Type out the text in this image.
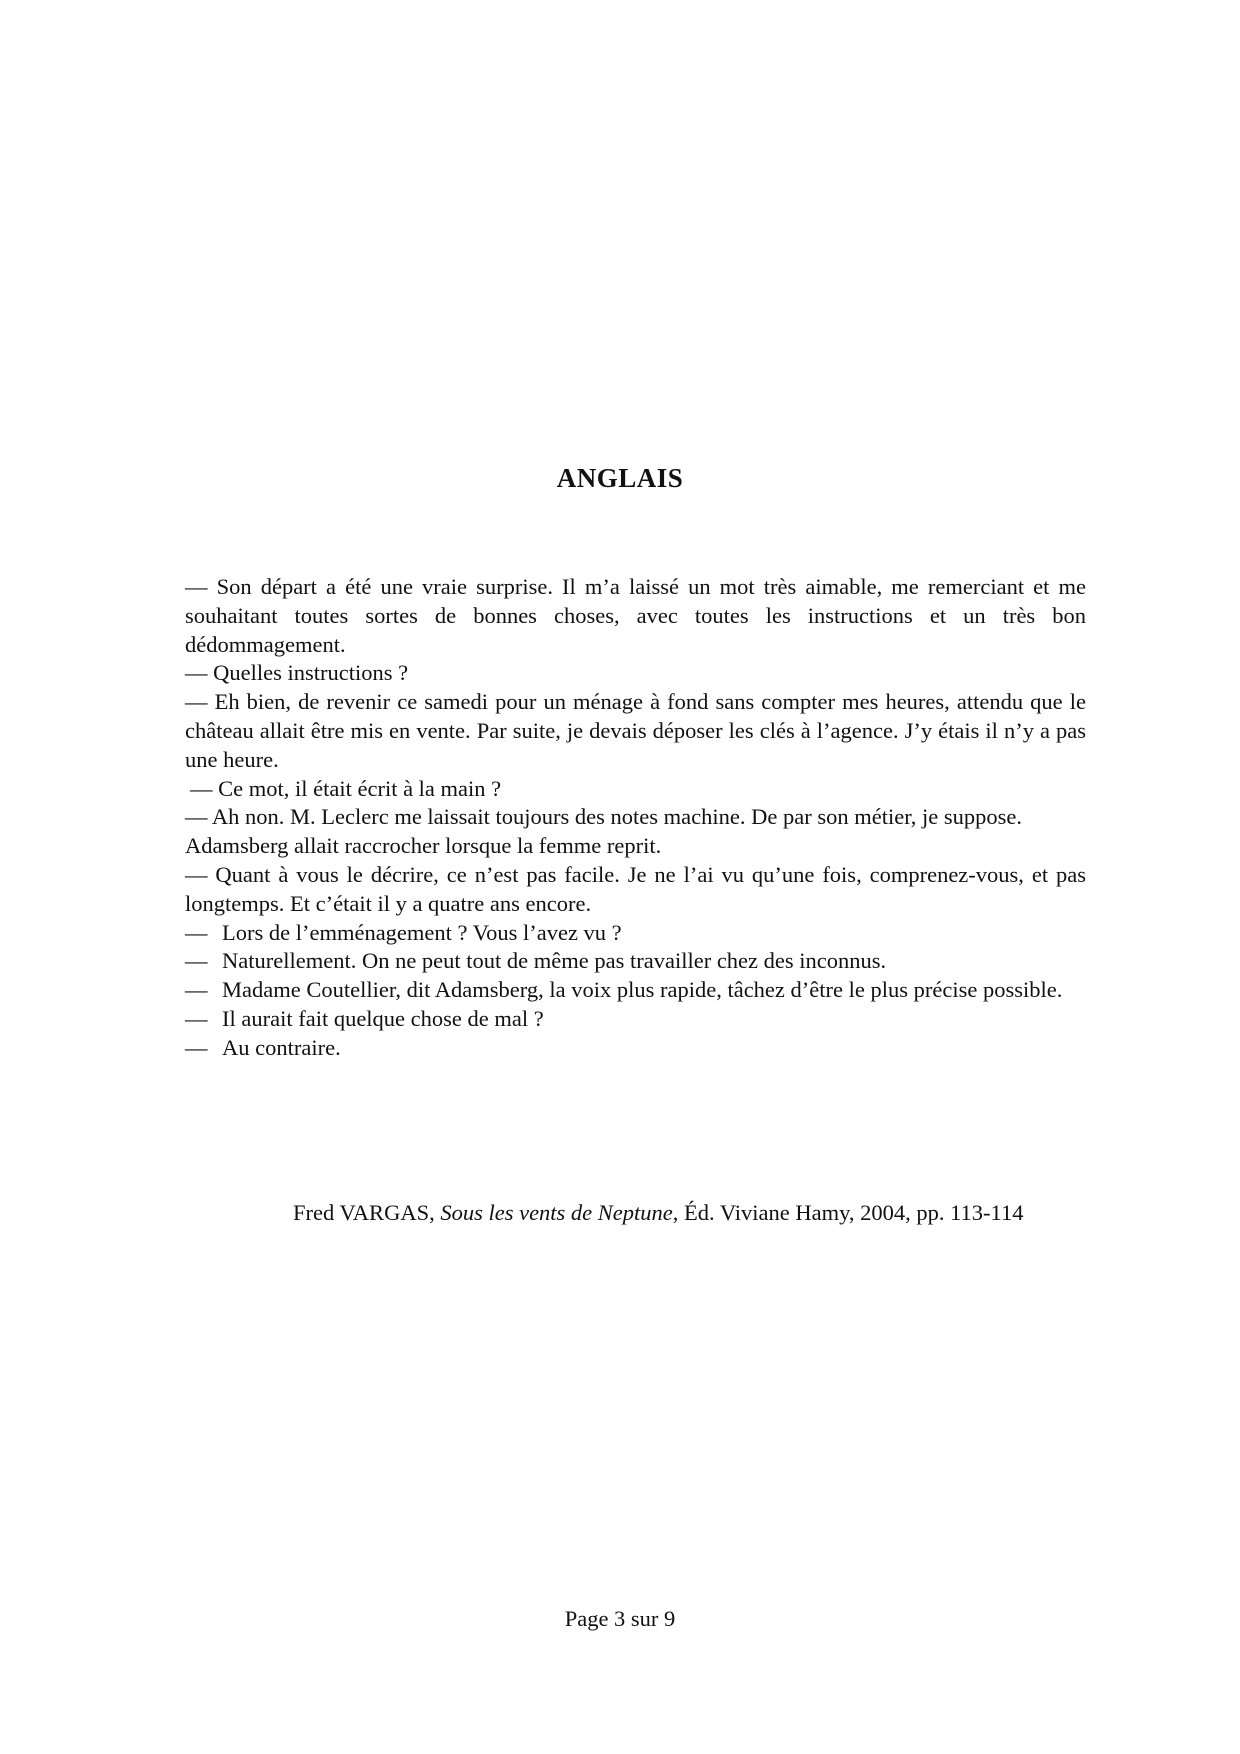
ANGLAIS

— Son départ a été une vraie surprise. Il m’a laissé un mot très aimable, me remerciant et me souhaitant toutes sortes de bonnes choses, avec toutes les instructions et un très bon dédommagement.

— Quelles instructions ?

— Eh bien, de revenir ce samedi pour un ménage à fond sans compter mes heures, attendu que le château allait être mis en vente. Par suite, je devais déposer les clés à l’agence. J’y étais il n’y a pas une heure.

— Ce mot, il était écrit à la main ?

— Ah non. M. Leclerc me laissait toujours des notes machine. De par son métier, je suppose.

Adamsberg allait raccrocher lorsque la femme reprit.

— Quant à vous le décrire, ce n’est pas facile. Je ne l’ai vu qu’une fois, comprenez-vous, et pas longtemps. Et c’était il y a quatre ans encore.

— Lors de l’emménagement ? Vous l’avez vu ?
— Naturellement. On ne peut tout de même pas travailler chez des inconnus.
— Madame Coutellier, dit Adamsberg, la voix plus rapide, tâchez d’être le plus précise possible.
— Il aurait fait quelque chose de mal ?
— Au contraire.
Fred VARGAS, Sous les vents de Neptune, Éd. Viviane Hamy, 2004, pp. 113-114
Page 3 sur 9
